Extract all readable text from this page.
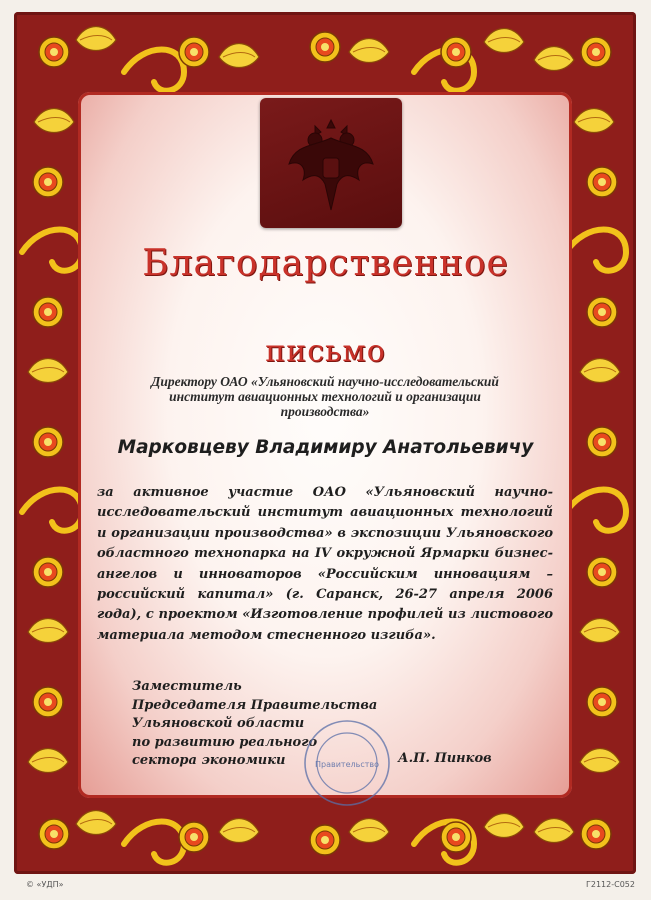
Благодарственное
письмо
Директору ОАО «Ульяновский научно-исследовательский
институт авиационных технологий и организации
производства»
Марковцеву Владимиру Анатольевичу
за активное участие ОАО «Ульяновский научно-исследовательский институт авиационных технологий и организации производства» в экспозиции Ульяновского областного технопарка на IV окружной Ярмарки бизнес-ангелов и инноваторов «Российским инновациям – российский капитал» (г. Саранск, 26-27 апреля 2006 года), с проектом «Изготовление профилей из листового материала методом стесненного изгиба».
Заместитель
Председателя Правительства
Ульяновской области
по развитию реального
сектора экономики	Правительство А.П. Пинков
© «УДП»	Г2112-С052
